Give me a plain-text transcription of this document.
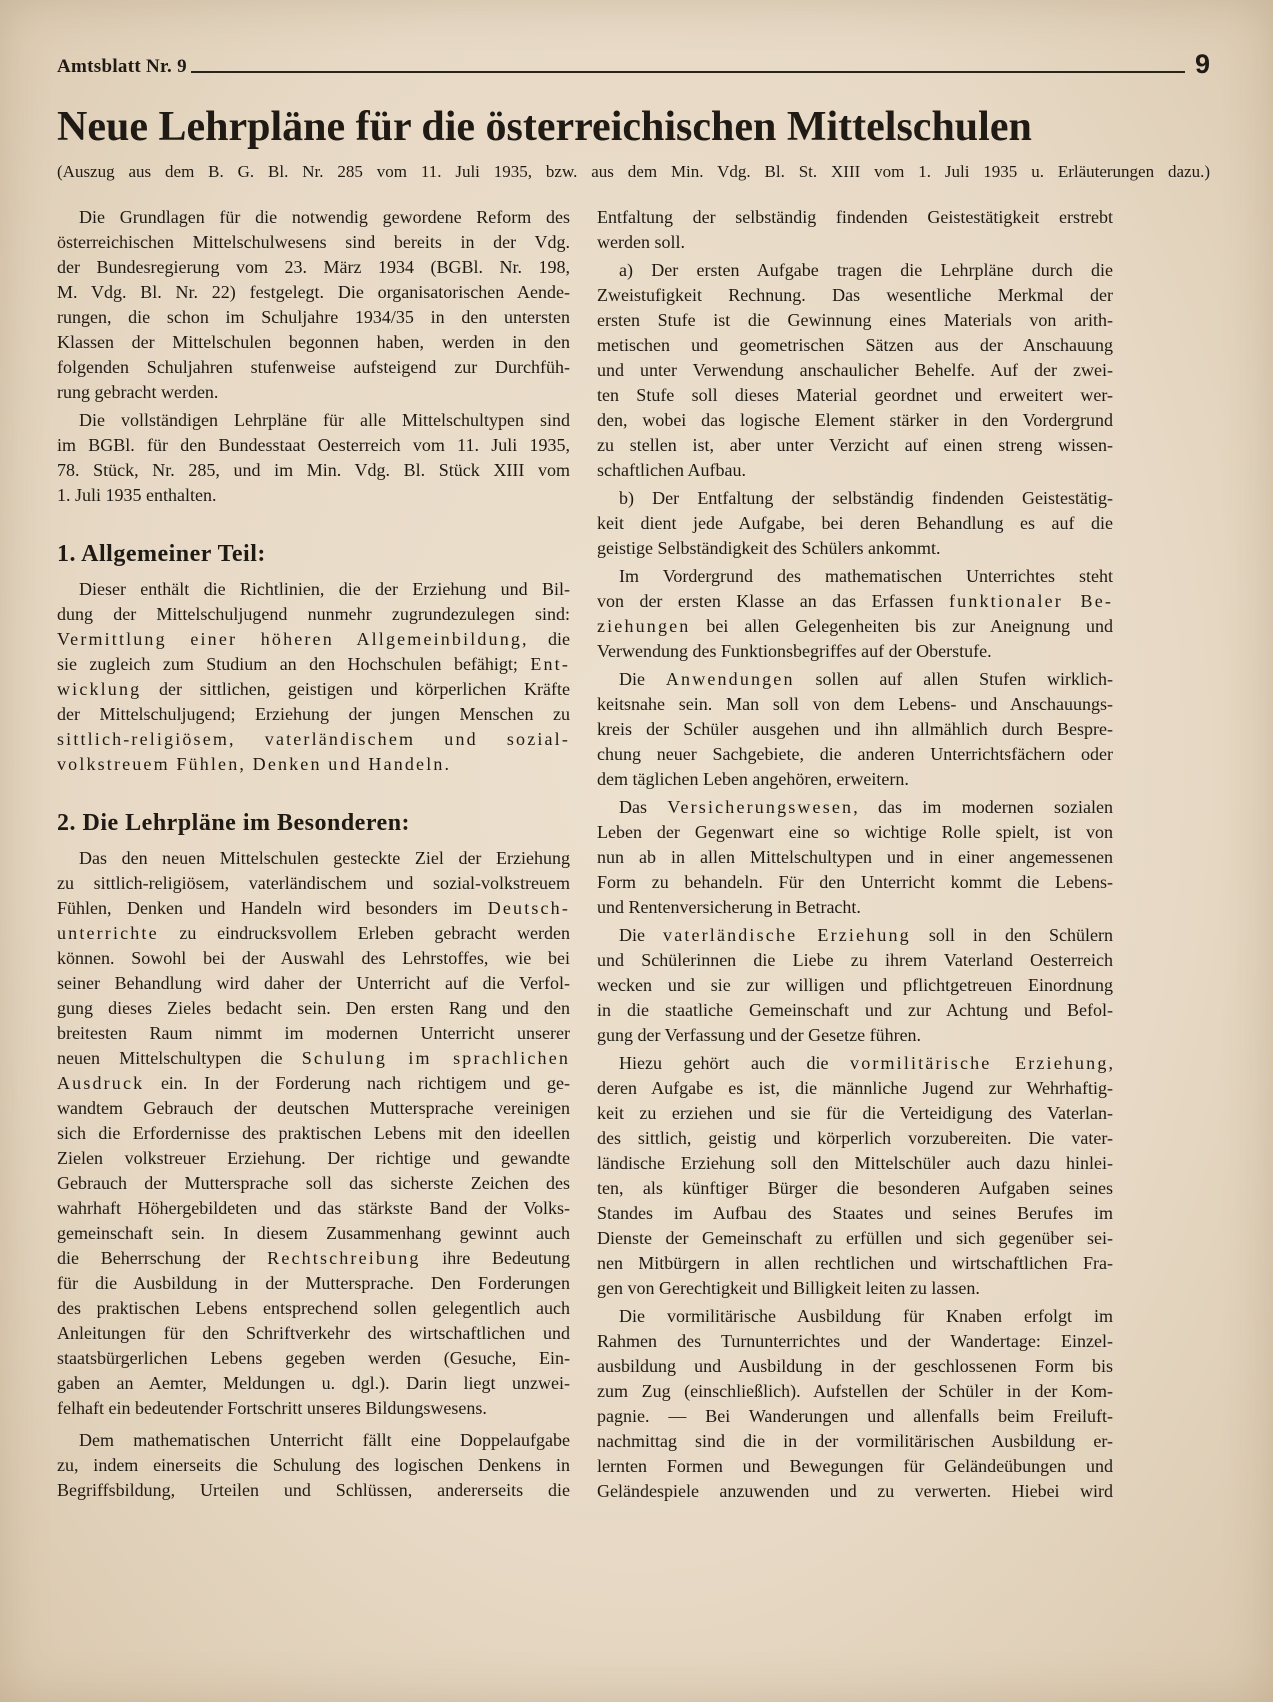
Amtsblatt Nr. 9	9
Neue Lehrpläne für die österreichischen Mittelschulen
(Auszug aus dem B. G. Bl. Nr. 285 vom 11. Juli 1935, bzw. aus dem Min. Vdg. Bl. St. XIII vom 1. Juli 1935 u. Erläuterungen dazu.)
Die Grundlagen für die notwendig gewordene Reform des
österreichischen Mittelschulwesens sind bereits in der Vdg.
der Bundesregierung vom 23. März 1934 (BGBl. Nr. 198,
M. Vdg. Bl. Nr. 22) festgelegt. Die organisatorischen Aende-
rungen, die schon im Schuljahre 1934/35 in den untersten
Klassen der Mittelschulen begonnen haben, werden in den
folgenden Schuljahren stufenweise aufsteigend zur Durchfüh-
rung gebracht werden.
Die vollständigen Lehrpläne für alle Mittelschultypen sind
im BGBl. für den Bundesstaat Oesterreich vom 11. Juli 1935,
78. Stück, Nr. 285, und im Min. Vdg. Bl. Stück XIII vom
1. Juli 1935 enthalten.
1. Allgemeiner Teil:
Dieser enthält die Richtlinien, die der Erziehung und Bil-
dung der Mittelschuljugend nunmehr zugrundezulegen sind:
Vermittlung einer höheren Allgemeinbildung, die
sie zugleich zum Studium an den Hochschulen befähigt; Ent-
wicklung der sittlichen, geistigen und körperlichen Kräfte
der Mittelschuljugend; Erziehung der jungen Menschen zu
sittlich-religiösem, vaterländischem und sozial-
volkstreuem Fühlen, Denken und Handeln.
2. Die Lehrpläne im Besonderen:
Das den neuen Mittelschulen gesteckte Ziel der Erziehung
zu sittlich-religiösem, vaterländischem und sozial-volkstreuem
Fühlen, Denken und Handeln wird besonders im Deutsch-
unterrichte zu eindrucksvollem Erleben gebracht werden
können. Sowohl bei der Auswahl des Lehrstoffes, wie bei
seiner Behandlung wird daher der Unterricht auf die Verfol-
gung dieses Zieles bedacht sein. Den ersten Rang und den
breitesten Raum nimmt im modernen Unterricht unserer
neuen Mittelschultypen die Schulung im sprachlichen
Ausdruck ein. In der Forderung nach richtigem und ge-
wandtem Gebrauch der deutschen Muttersprache vereinigen
sich die Erfordernisse des praktischen Lebens mit den ideellen
Zielen volkstreuer Erziehung. Der richtige und gewandte
Gebrauch der Muttersprache soll das sicherste Zeichen des
wahrhaft Höhergebildeten und das stärkste Band der Volks-
gemeinschaft sein. In diesem Zusammenhang gewinnt auch
die Beherrschung der Rechtschreibung ihre Bedeutung
für die Ausbildung in der Muttersprache. Den Forderungen
des praktischen Lebens entsprechend sollen gelegentlich auch
Anleitungen für den Schriftverkehr des wirtschaftlichen und
staatsbürgerlichen Lebens gegeben werden (Gesuche, Ein-
gaben an Aemter, Meldungen u. dgl.). Darin liegt unzwei-
felhaft ein bedeutender Fortschritt unseres Bildungswesens.
Dem mathematischen Unterricht fällt eine Doppelaufgabe
zu, indem einerseits die Schulung des logischen Denkens in
Begriffsbildung, Urteilen und Schlüssen, andererseits die
Entfaltung der selbständig findenden Geistestätigkeit erstrebt
werden soll.
a) Der ersten Aufgabe tragen die Lehrpläne durch die
Zweistufigkeit Rechnung. Das wesentliche Merkmal der
ersten Stufe ist die Gewinnung eines Materials von arith-
metischen und geometrischen Sätzen aus der Anschauung
und unter Verwendung anschaulicher Behelfe. Auf der zwei-
ten Stufe soll dieses Material geordnet und erweitert wer-
den, wobei das logische Element stärker in den Vordergrund
zu stellen ist, aber unter Verzicht auf einen streng wissen-
schaftlichen Aufbau.
b) Der Entfaltung der selbständig findenden Geistestätig-
keit dient jede Aufgabe, bei deren Behandlung es auf die
geistige Selbständigkeit des Schülers ankommt.
Im Vordergrund des mathematischen Unterrichtes steht
von der ersten Klasse an das Erfassen funktionaler Be-
ziehungen bei allen Gelegenheiten bis zur Aneignung und
Verwendung des Funktionsbegriffes auf der Oberstufe.
Die Anwendungen sollen auf allen Stufen wirklich-
keitsnahe sein. Man soll von dem Lebens- und Anschauungs-
kreis der Schüler ausgehen und ihn allmählich durch Bespre-
chung neuer Sachgebiete, die anderen Unterrichtsfächern oder
dem täglichen Leben angehören, erweitern.
Das Versicherungswesen, das im modernen sozialen
Leben der Gegenwart eine so wichtige Rolle spielt, ist von
nun ab in allen Mittelschultypen und in einer angemessenen
Form zu behandeln. Für den Unterricht kommt die Lebens-
und Rentenversicherung in Betracht.
Die vaterländische Erziehung soll in den Schülern
und Schülerinnen die Liebe zu ihrem Vaterland Oesterreich
wecken und sie zur willigen und pflichtgetreuen Einordnung
in die staatliche Gemeinschaft und zur Achtung und Befol-
gung der Verfassung und der Gesetze führen.
Hiezu gehört auch die vormilitärische Erziehung,
deren Aufgabe es ist, die männliche Jugend zur Wehrhaftig-
keit zu erziehen und sie für die Verteidigung des Vaterlan-
des sittlich, geistig und körperlich vorzubereiten. Die vater-
ländische Erziehung soll den Mittelschüler auch dazu hinlei-
ten, als künftiger Bürger die besonderen Aufgaben seines
Standes im Aufbau des Staates und seines Berufes im
Dienste der Gemeinschaft zu erfüllen und sich gegenüber sei-
nen Mitbürgern in allen rechtlichen und wirtschaftlichen Fra-
gen von Gerechtigkeit und Billigkeit leiten zu lassen.
Die vormilitärische Ausbildung für Knaben erfolgt im
Rahmen des Turnunterrichtes und der Wandertage: Einzel-
ausbildung und Ausbildung in der geschlossenen Form bis
zum Zug (einschließlich). Aufstellen der Schüler in der Kom-
pagnie. — Bei Wanderungen und allenfalls beim Freiluft-
nachmittag sind die in der vormilitärischen Ausbildung er-
lernten Formen und Bewegungen für Geländeübungen und
Geländespiele anzuwenden und zu verwerten. Hiebei wird
